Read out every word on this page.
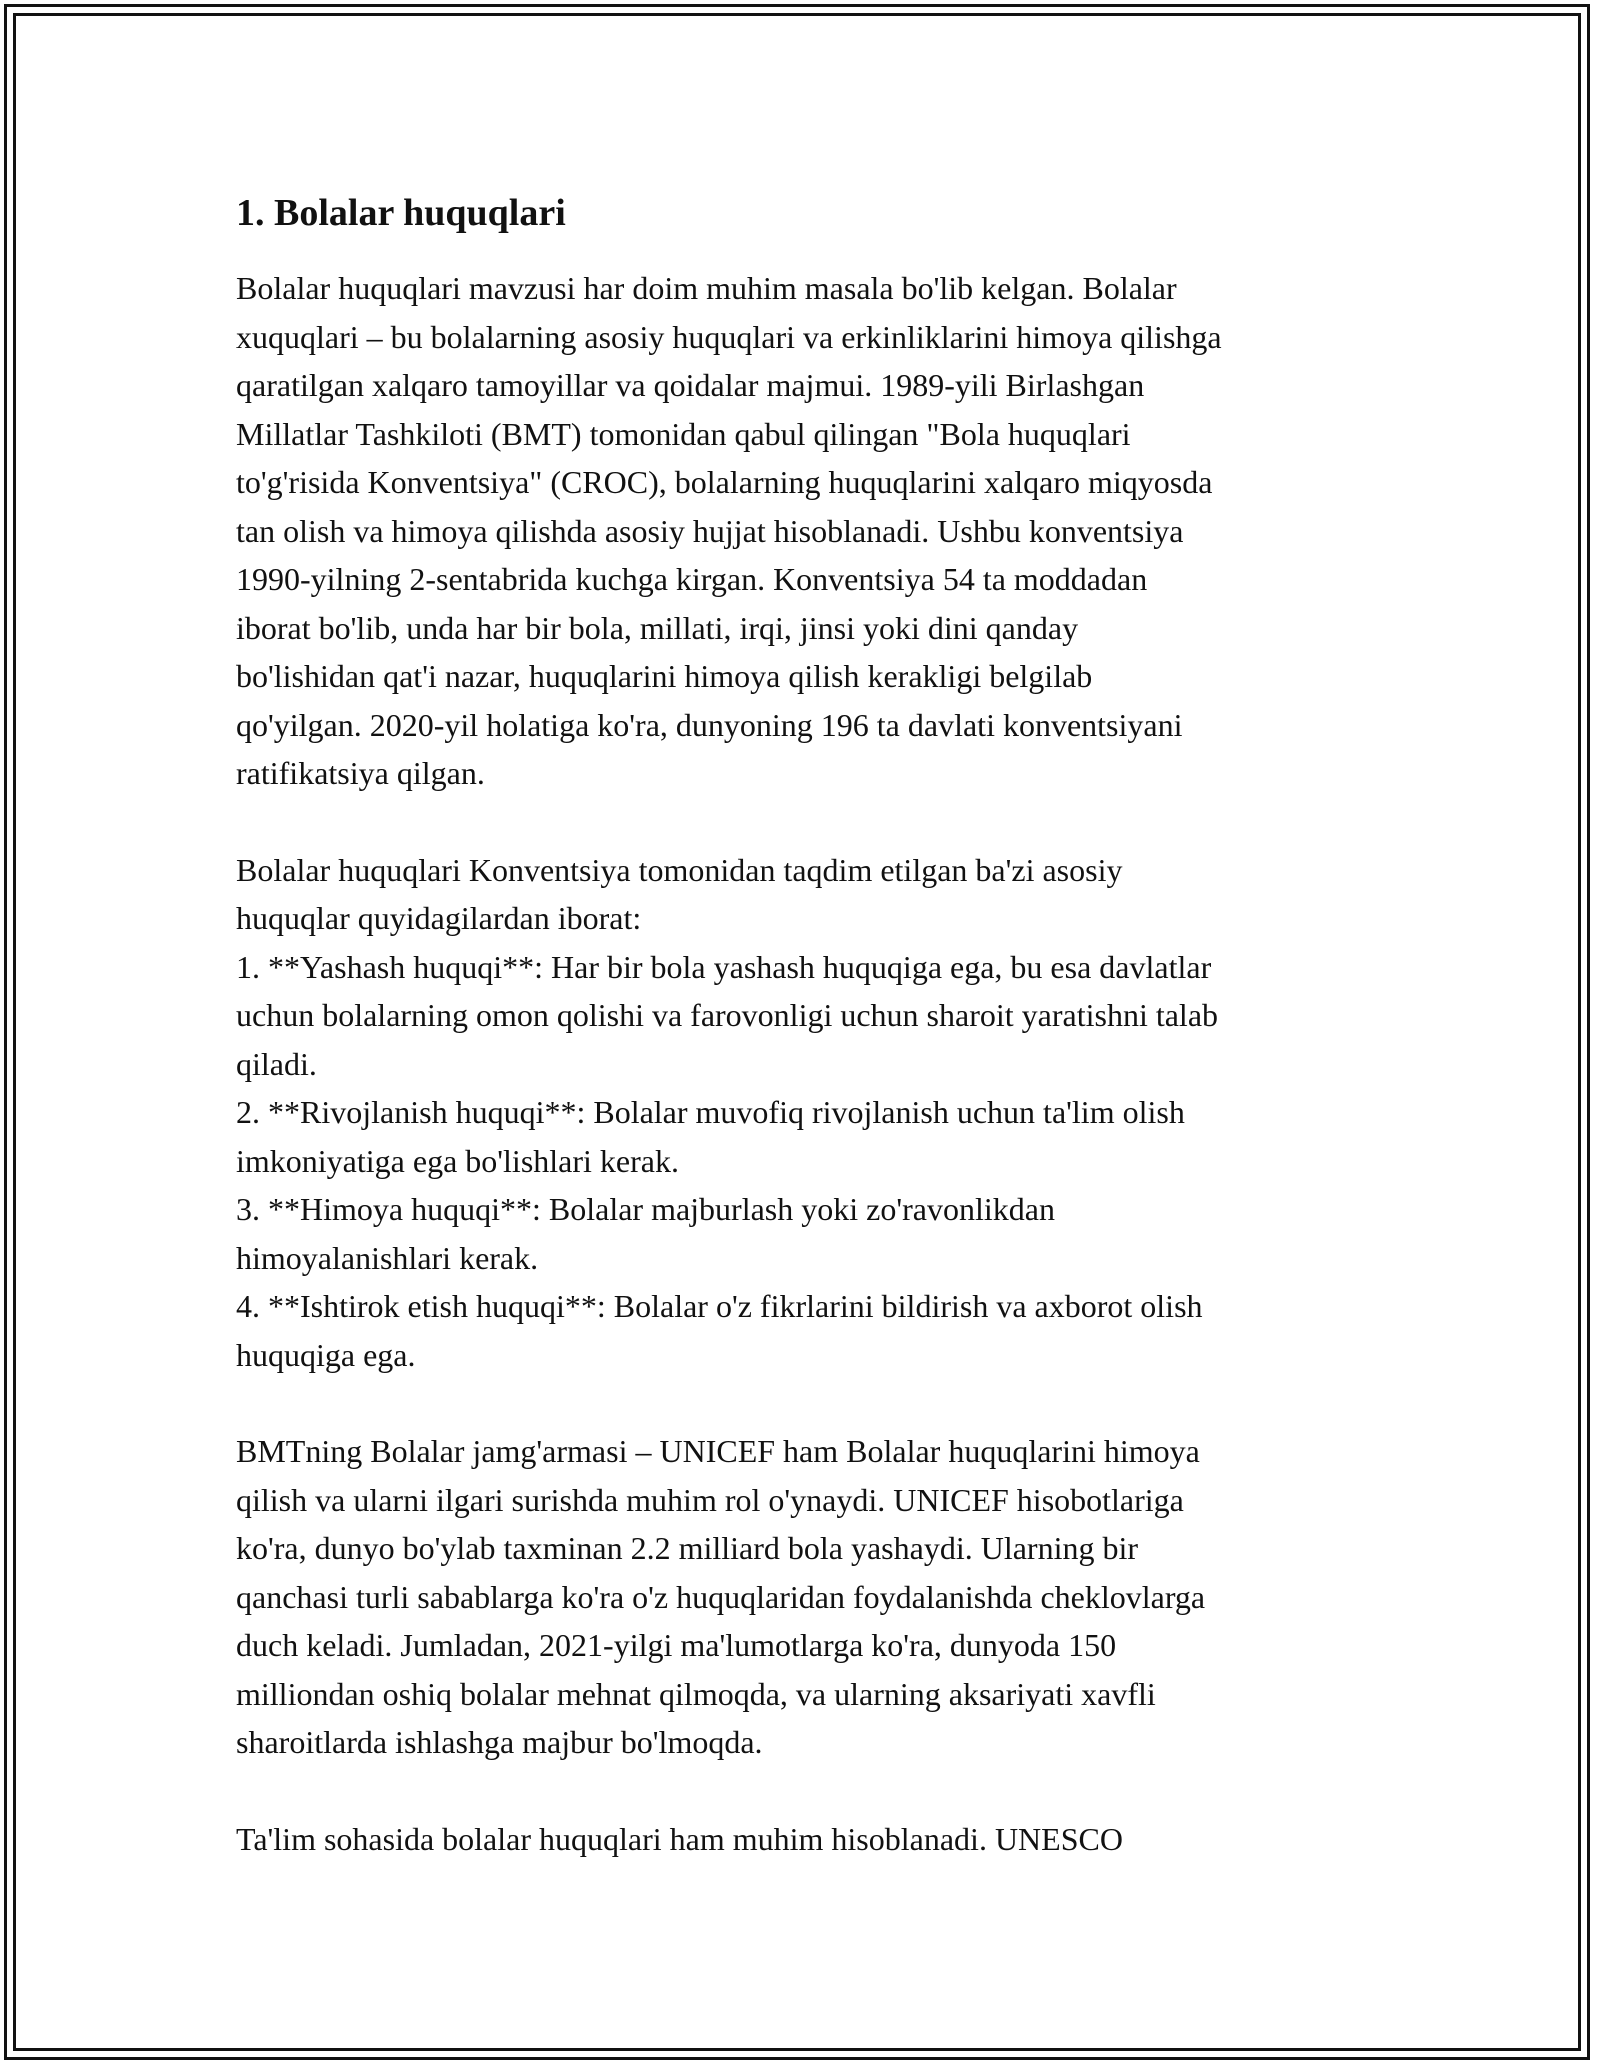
1. Bolalar huquqlari
Bolalar huquqlari mavzusi har doim muhim masala bo'lib kelgan. Bolalar
xuquqlari – bu bolalarning asosiy huquqlari va erkinliklarini himoya qilishga
qaratilgan xalqaro tamoyillar va qoidalar majmui. 1989-yili Birlashgan
Millatlar Tashkiloti (BMT) tomonidan qabul qilingan "Bola huquqlari
to'g'risida Konventsiya" (CROC), bolalarning huquqlarini xalqaro miqyosda
tan olish va himoya qilishda asosiy hujjat hisoblanadi. Ushbu konventsiya
1990-yilning 2-sentabrida kuchga kirgan. Konventsiya 54 ta moddadan
iborat bo'lib, unda har bir bola, millati, irqi, jinsi yoki dini qanday
bo'lishidan qat'i nazar, huquqlarini himoya qilish kerakligi belgilab
qo'yilgan. 2020-yil holatiga ko'ra, dunyoning 196 ta davlati konventsiyani
ratifikatsiya qilgan.
Bolalar huquqlari Konventsiya tomonidan taqdim etilgan ba'zi asosiy
huquqlar quyidagilardan iborat:
1. **Yashash huquqi**: Har bir bola yashash huquqiga ega, bu esa davlatlar
uchun bolalarning omon qolishi va farovonligi uchun sharoit yaratishni talab
qiladi.
2. **Rivojlanish huquqi**: Bolalar muvofiq rivojlanish uchun ta'lim olish
imkoniyatiga ega bo'lishlari kerak.
3. **Himoya huquqi**: Bolalar majburlash yoki zo'ravonlikdan
himoyalanishlari kerak.
4. **Ishtirok etish huquqi**: Bolalar o'z fikrlarini bildirish va axborot olish
huquqiga ega.
BMTning Bolalar jamg'armasi – UNICEF ham Bolalar huquqlarini himoya
qilish va ularni ilgari surishda muhim rol o'ynaydi. UNICEF hisobotlariga
ko'ra, dunyo bo'ylab taxminan 2.2 milliard bola yashaydi. Ularning bir
qanchasi turli sabablarga ko'ra o'z huquqlaridan foydalanishda cheklovlarga
duch keladi. Jumladan, 2021-yilgi ma'lumotlarga ko'ra, dunyoda 150
milliondan oshiq bolalar mehnat qilmoqda, va ularning aksariyati xavfli
sharoitlarda ishlashga majbur bo'lmoqda.
Ta'lim sohasida bolalar huquqlari ham muhim hisoblanadi. UNESCO
